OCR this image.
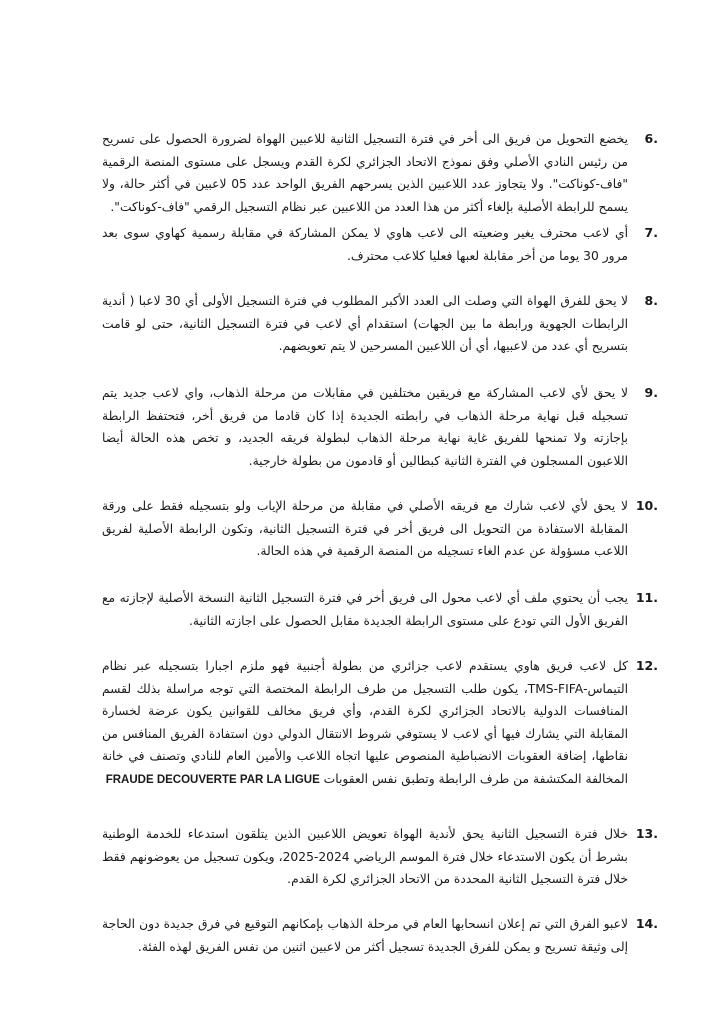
6.
يخضع التحويل من فريق الى أخر في فترة التسجيل الثانية للاعبين الهواة لضرورة الحصول على تسريح من رئيس النادي الأصلي وفق نموذج الاتحاد الجزائري لكرة القدم ويسجل على مستوى المنصة الرقمية "فاف-كوناكت". ولا يتجاوز عدد اللاعبين الذين يسرحهم الفريق الواحد عدد 05 لاعبين في أكثر حالة، ولا يسمح للرابطة الأصلية بإلغاء أكثر من هذا العدد من اللاعبين عبر نظام التسجيل الرقمي "فاف-كوناكت".
7.
أي لاعب محترف يغير وضعيته الى لاعب هاوي لا يمكن المشاركة في مقابلة رسمية كهاوي سوى بعد مرور 30 يوما من أخر مقابلة لعبها فعليا كلاعب محترف.
8.
لا يحق للفرق الهواة التي وصلت الى العدد الأكبر المطلوب في فترة التسجيل الأولى أي 30 لاعبا ( أندية الرابطات الجهوية ورابطة ما بين الجهات) استقدام أي لاعب في فترة التسجيل الثانية، حتى لو قامت بتسريح أي عدد من لاعبيها، أي أن اللاعبين المسرحين لا يتم تعويضهم.
9.
لا يحق لأي لاعب المشاركة مع فريقين مختلفين في مقابلات من مرحلة الذهاب، واي لاعب جديد يتم تسجيله قبل نهاية مرحلة الذهاب في رابطته الجديدة إذا كان قادما من فريق أخر، فتحتفظ الرابطة بإجازته ولا تمنحها للفريق غاية نهاية مرحلة الذهاب لبطولة فريقه الجديد، و تخص هذه الحالة أيضا اللاعبون المسجلون في الفترة الثانية كبطالين أو قادمون من بطولة خارجية.
10.
لا يحق لأي لاعب شارك مع فريقه الأصلي في مقابلة من مرحلة الإياب ولو بتسجيله فقط على ورقة المقابلة الاستفادة من التحويل الى فريق أخر في فترة التسجيل الثانية، وتكون الرابطة الأصلية لفريق اللاعب مسؤولة عن عدم الغاء تسجيله من المنصة الرقمية في هذه الحالة.
11.
يجب أن يحتوي ملف أي لاعب محول الى فريق أخر في فترة التسجيل الثانية النسخة الأصلية لإجازته مع الفريق الأول التي تودع على مستوى الرابطة الجديدة مقابل الحصول على اجازته الثانية.
12.
كل لاعب فريق هاوي يستقدم لاعب جزائري من بطولة أجنبية فهو ملزم اجبارا بتسجيله عبر نظام التيماس-TMS-FIFA، يكون طلب التسجيل من طرف الرابطة المختصة التي توجه مراسلة بذلك لقسم المنافسات الدولية بالاتحاد الجزائري لكرة القدم، وأي فريق مخالف للقوانين يكون عرضة لخسارة المقابلة التي يشارك فيها أي لاعب لا يستوفي شروط الانتقال الدولي دون استفادة الفريق المنافس من نقاطها، إضافة العقوبات الانضباطية المنصوص عليها اتجاه اللاعب والأمين العام للنادي وتصنف في خانة المخالفة المكتشفة من طرف الرابطة وتطبق نفس العقوبات FRAUDE DECOUVERTE PAR LA LIGUE
13.
خلال فترة التسجيل الثانية يحق لأندية الهواة تعويض اللاعبين الذين يتلقون استدعاء للخدمة الوطنية بشرط أن يكون الاستدعاء خلال فترة الموسم الرياضي 2024-2025، ويكون تسجيل من يعوضونهم فقط خلال فترة التسجيل الثانية المحددة من الاتحاد الجزائري لكرة القدم.
14.
لاعبو الفرق التي تم إعلان انسحابها العام في مرحلة الذهاب بإمكانهم التوقيع في فرق جديدة دون الحاجة إلى وثيقة تسريح و يمكن للفرق الجديدة تسجيل أكثر من لاعبين اثنين من نفس الفريق لهذه الفئة.
